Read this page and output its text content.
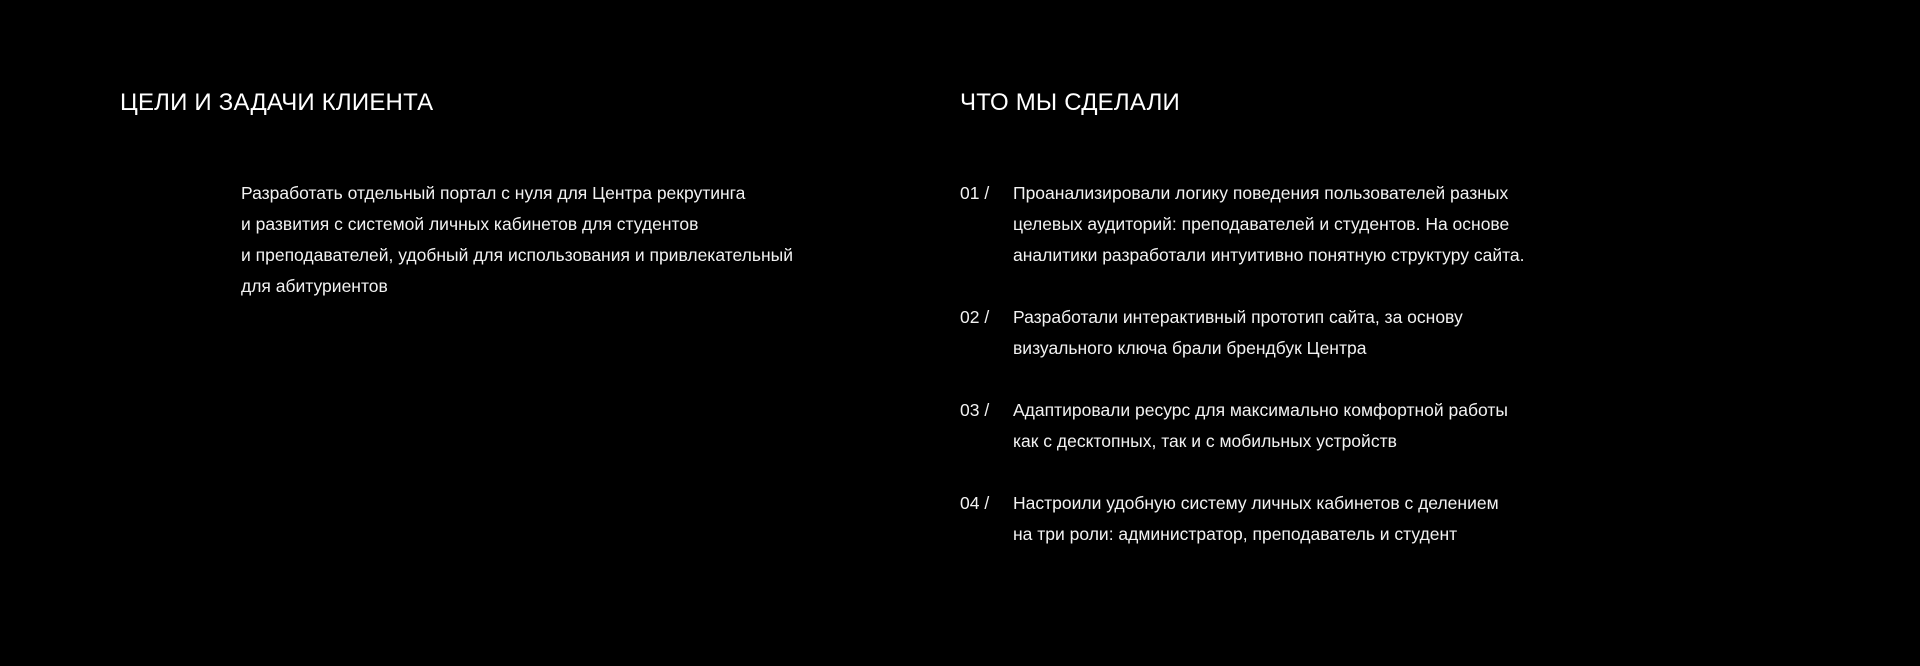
ЦЕЛИ И ЗАДАЧИ КЛИЕНТА

Разработать отдельный портал с нуля для Центра рекрутинга
и развития с системой личных кабинетов для студентов
и преподавателей, удобный для использования и привлекательный
для абитуриентов

ЧТО МЫ СДЕЛАЛИ
01 / Проанализировали логику поведения пользователей разных
целевых аудиторий: преподавателей и студентов. На основе
аналитики разработали интуитивно понятную структуру сайта.
02 / Разработали интерактивный прототип сайта, за основу
визуального ключа брали брендбук Центра
03 / Адаптировали ресурс для максимально комфортной работы
как с десктопных, так и с мобильных устройств
04 / Настроили удобную систему личных кабинетов с делением
на три роли: администратор, преподаватель и студент
